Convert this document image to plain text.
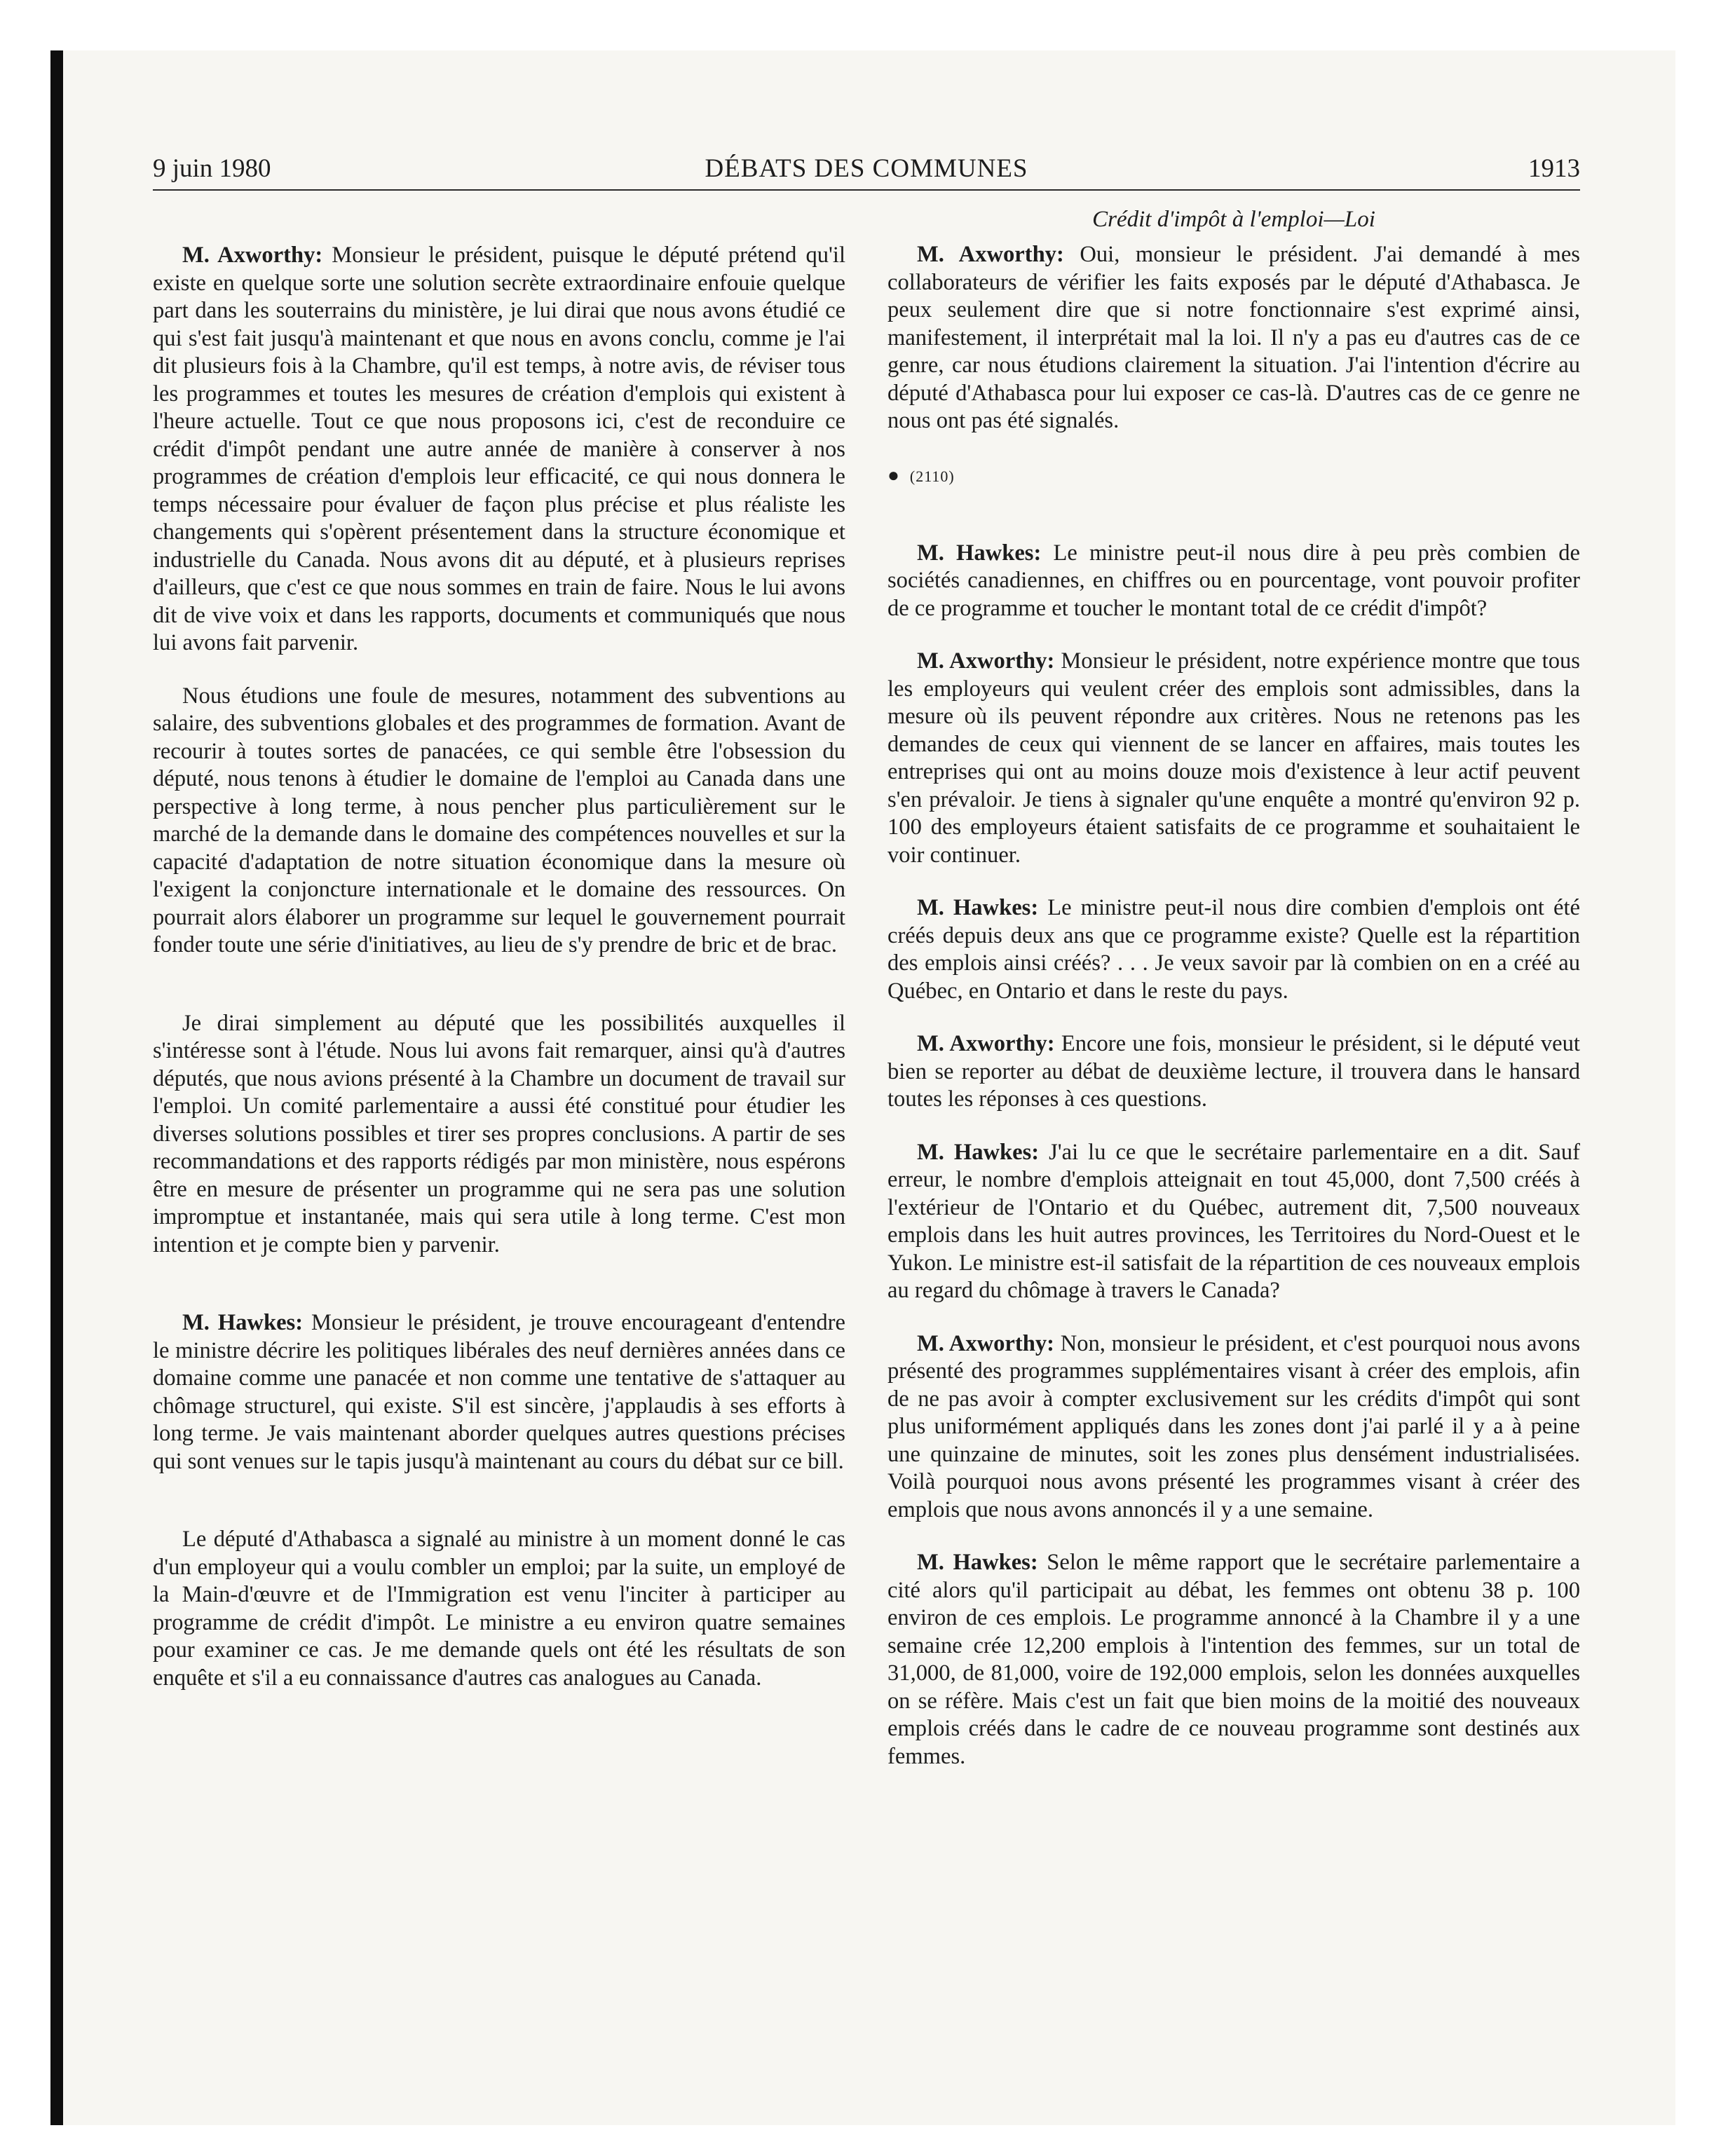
9 juin 1980	DÉBATS DES COMMUNES	1913

M. Axworthy: Monsieur le président, puisque le député prétend qu'il existe en quelque sorte une solution secrète extraordinaire enfouie quelque part dans les souterrains du ministère, je lui dirai que nous avons étudié ce qui s'est fait jusqu'à maintenant et que nous en avons conclu, comme je l'ai dit plusieurs fois à la Chambre, qu'il est temps, à notre avis, de réviser tous les programmes et toutes les mesures de création d'emplois qui existent à l'heure actuelle. Tout ce que nous proposons ici, c'est de reconduire ce crédit d'impôt pendant une autre année de manière à conserver à nos programmes de création d'emplois leur efficacité, ce qui nous donnera le temps nécessaire pour évaluer de façon plus précise et plus réaliste les changements qui s'opèrent présentement dans la structure économique et industrielle du Canada. Nous avons dit au député, et à plusieurs reprises d'ailleurs, que c'est ce que nous sommes en train de faire. Nous le lui avons dit de vive voix et dans les rapports, documents et communiqués que nous lui avons fait parvenir.

Nous étudions une foule de mesures, notamment des subventions au salaire, des subventions globales et des programmes de formation. Avant de recourir à toutes sortes de panacées, ce qui semble être l'obsession du député, nous tenons à étudier le domaine de l'emploi au Canada dans une perspective à long terme, à nous pencher plus particulièrement sur le marché de la demande dans le domaine des compétences nouvelles et sur la capacité d'adaptation de notre situation économique dans la mesure où l'exigent la conjoncture internationale et le domaine des ressources. On pourrait alors élaborer un programme sur lequel le gouvernement pourrait fonder toute une série d'initiatives, au lieu de s'y prendre de bric et de brac.

Je dirai simplement au député que les possibilités auxquelles il s'intéresse sont à l'étude. Nous lui avons fait remarquer, ainsi qu'à d'autres députés, que nous avions présenté à la Chambre un document de travail sur l'emploi. Un comité parlementaire a aussi été constitué pour étudier les diverses solutions possibles et tirer ses propres conclusions. A partir de ses recommandations et des rapports rédigés par mon ministère, nous espérons être en mesure de présenter un programme qui ne sera pas une solution impromptue et instantanée, mais qui sera utile à long terme. C'est mon intention et je compte bien y parvenir.

M. Hawkes: Monsieur le président, je trouve encourageant d'entendre le ministre décrire les politiques libérales des neuf dernières années dans ce domaine comme une panacée et non comme une tentative de s'attaquer au chômage structurel, qui existe. S'il est sincère, j'applaudis à ses efforts à long terme. Je vais maintenant aborder quelques autres questions précises qui sont venues sur le tapis jusqu'à maintenant au cours du débat sur ce bill.

Le député d'Athabasca a signalé au ministre à un moment donné le cas d'un employeur qui a voulu combler un emploi; par la suite, un employé de la Main-d'œuvre et de l'Immigration est venu l'inciter à participer au programme de crédit d'impôt. Le ministre a eu environ quatre semaines pour examiner ce cas. Je me demande quels ont été les résultats de son enquête et s'il a eu connaissance d'autres cas analogues au Canada.

Crédit d'impôt à l'emploi—Loi

M. Axworthy: Oui, monsieur le président. J'ai demandé à mes collaborateurs de vérifier les faits exposés par le député d'Athabasca. Je peux seulement dire que si notre fonctionnaire s'est exprimé ainsi, manifestement, il interprétait mal la loi. Il n'y a pas eu d'autres cas de ce genre, car nous étudions clairement la situation. J'ai l'intention d'écrire au député d'Athabasca pour lui exposer ce cas-là. D'autres cas de ce genre ne nous ont pas été signalés.

● (2110)

M. Hawkes: Le ministre peut-il nous dire à peu près combien de sociétés canadiennes, en chiffres ou en pourcentage, vont pouvoir profiter de ce programme et toucher le montant total de ce crédit d'impôt?

M. Axworthy: Monsieur le président, notre expérience montre que tous les employeurs qui veulent créer des emplois sont admissibles, dans la mesure où ils peuvent répondre aux critères. Nous ne retenons pas les demandes de ceux qui viennent de se lancer en affaires, mais toutes les entreprises qui ont au moins douze mois d'existence à leur actif peuvent s'en prévaloir. Je tiens à signaler qu'une enquête a montré qu'environ 92 p. 100 des employeurs étaient satisfaits de ce programme et souhaitaient le voir continuer.

M. Hawkes: Le ministre peut-il nous dire combien d'emplois ont été créés depuis deux ans que ce programme existe? Quelle est la répartition des emplois ainsi créés? . . . Je veux savoir par là combien on en a créé au Québec, en Ontario et dans le reste du pays.

M. Axworthy: Encore une fois, monsieur le président, si le député veut bien se reporter au débat de deuxième lecture, il trouvera dans le hansard toutes les réponses à ces questions.

M. Hawkes: J'ai lu ce que le secrétaire parlementaire en a dit. Sauf erreur, le nombre d'emplois atteignait en tout 45,000, dont 7,500 créés à l'extérieur de l'Ontario et du Québec, autrement dit, 7,500 nouveaux emplois dans les huit autres provinces, les Territoires du Nord-Ouest et le Yukon. Le ministre est-il satisfait de la répartition de ces nouveaux emplois au regard du chômage à travers le Canada?

M. Axworthy: Non, monsieur le président, et c'est pourquoi nous avons présenté des programmes supplémentaires visant à créer des emplois, afin de ne pas avoir à compter exclusivement sur les crédits d'impôt qui sont plus uniformément appliqués dans les zones dont j'ai parlé il y a à peine une quinzaine de minutes, soit les zones plus densément industrialisées. Voilà pourquoi nous avons présenté les programmes visant à créer des emplois que nous avons annoncés il y a une semaine.

M. Hawkes: Selon le même rapport que le secrétaire parlementaire a cité alors qu'il participait au débat, les femmes ont obtenu 38 p. 100 environ de ces emplois. Le programme annoncé à la Chambre il y a une semaine crée 12,200 emplois à l'intention des femmes, sur un total de 31,000, de 81,000, voire de 192,000 emplois, selon les données auxquelles on se réfère. Mais c'est un fait que bien moins de la moitié des nouveaux emplois créés dans le cadre de ce nouveau programme sont destinés aux femmes.
